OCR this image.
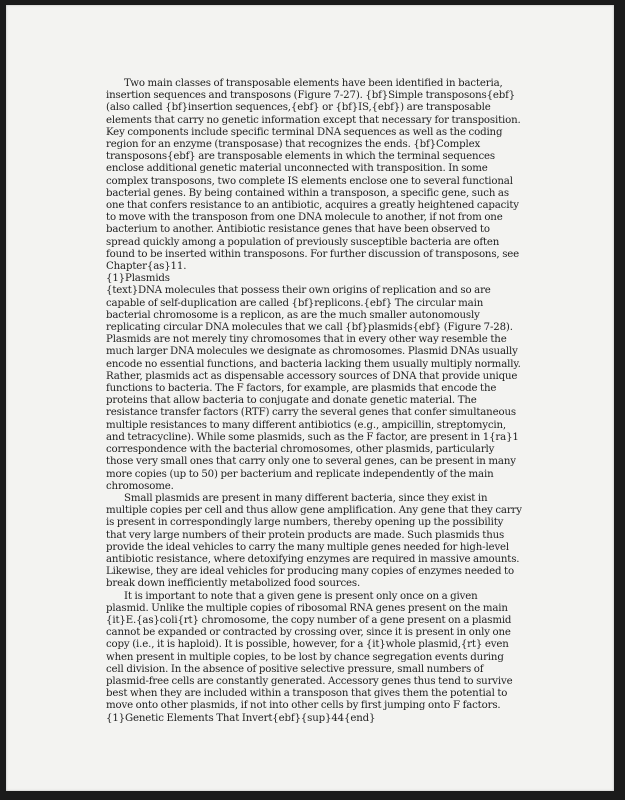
Two main classes of transposable elements have been identified in bacteria, insertion sequences and transposons (Figure 7-27). {bf}Simple transposons{ebf} (also called {bf}insertion sequences,{ebf} or {bf}IS,{ebf}) are transposable elements that carry no genetic information except that necessary for transposition. Key components include specific terminal DNA sequences as well as the coding region for an enzyme (transposase) that recognizes the ends. {bf}Complex transposons{ebf} are transposable elements in which the terminal sequences enclose additional genetic material unconnected with transposition. In some complex transposons, two complete IS elements enclose one to several functional bacterial genes. By being contained within a transposon, a specific gene, such as one that confers resistance to an antibiotic, acquires a greatly heightened capacity to move with the transposon from one DNA molecule to another, if not from one bacterium to another. Antibiotic resistance genes that have been observed to spread quickly among a population of previously susceptible bacteria are often found to be inserted within transposons. For further discussion of transposons, see Chapter{as}11.

{1}Plasmids

{text}DNA molecules that possess their own origins of replication and so are capable of self-duplication are called {bf}replicons.{ebf} The circular main bacterial chromosome is a replicon, as are the much smaller autonomously replicating circular DNA molecules that we call {bf}plasmids{ebf} (Figure 7-28). Plasmids are not merely tiny chromosomes that in every other way resemble the much larger DNA molecules we designate as chromosomes. Plasmid DNAs usually encode no essential functions, and bacteria lacking them usually multiply normally. Rather, plasmids act as dispensable accessory sources of DNA that provide unique functions to bacteria. The F factors, for example, are plasmids that encode the proteins that allow bacteria to conjugate and donate genetic material. The resistance transfer factors (RTF) carry the several genes that confer simultaneous multiple resistances to many different antibiotics (e.g., ampicillin, streptomycin, and tetracycline). While some plasmids, such as the F factor, are present in 1{ra}1 correspondence with the bacterial chromosomes, other plasmids, particularly those very small ones that carry only one to several genes, can be present in many more copies (up to 50) per bacterium and replicate independently of the main chromosome.

Small plasmids are present in many different bacteria, since they exist in multiple copies per cell and thus allow gene amplification. Any gene that they carry is present in correspondingly large numbers, thereby opening up the possibility that very large numbers of their protein products are made. Such plasmids thus provide the ideal vehicles to carry the many multiple genes needed for high-level antibiotic resistance, where detoxifying enzymes are required in massive amounts. Likewise, they are ideal vehicles for producing many copies of enzymes needed to break down inefficiently metabolized food sources.

It is important to note that a given gene is present only once on a given plasmid. Unlike the multiple copies of ribosomal RNA genes present on the main {it}E.{as}coli{rt} chromosome, the copy number of a gene present on a plasmid cannot be expanded or contracted by crossing over, since it is present in only one copy (i.e., it is haploid). It is possible, however, for a {it}whole plasmid,{rt} even when present in multiple copies, to be lost by chance segregation events during cell division. In the absence of positive selective pressure, small numbers of plasmid-free cells are constantly generated. Accessory genes thus tend to survive best when they are included within a transposon that gives them the potential to move onto other plasmids, if not into other cells by first jumping onto F factors.

{1}Genetic Elements That Invert{ebf}{sup}44{end}
